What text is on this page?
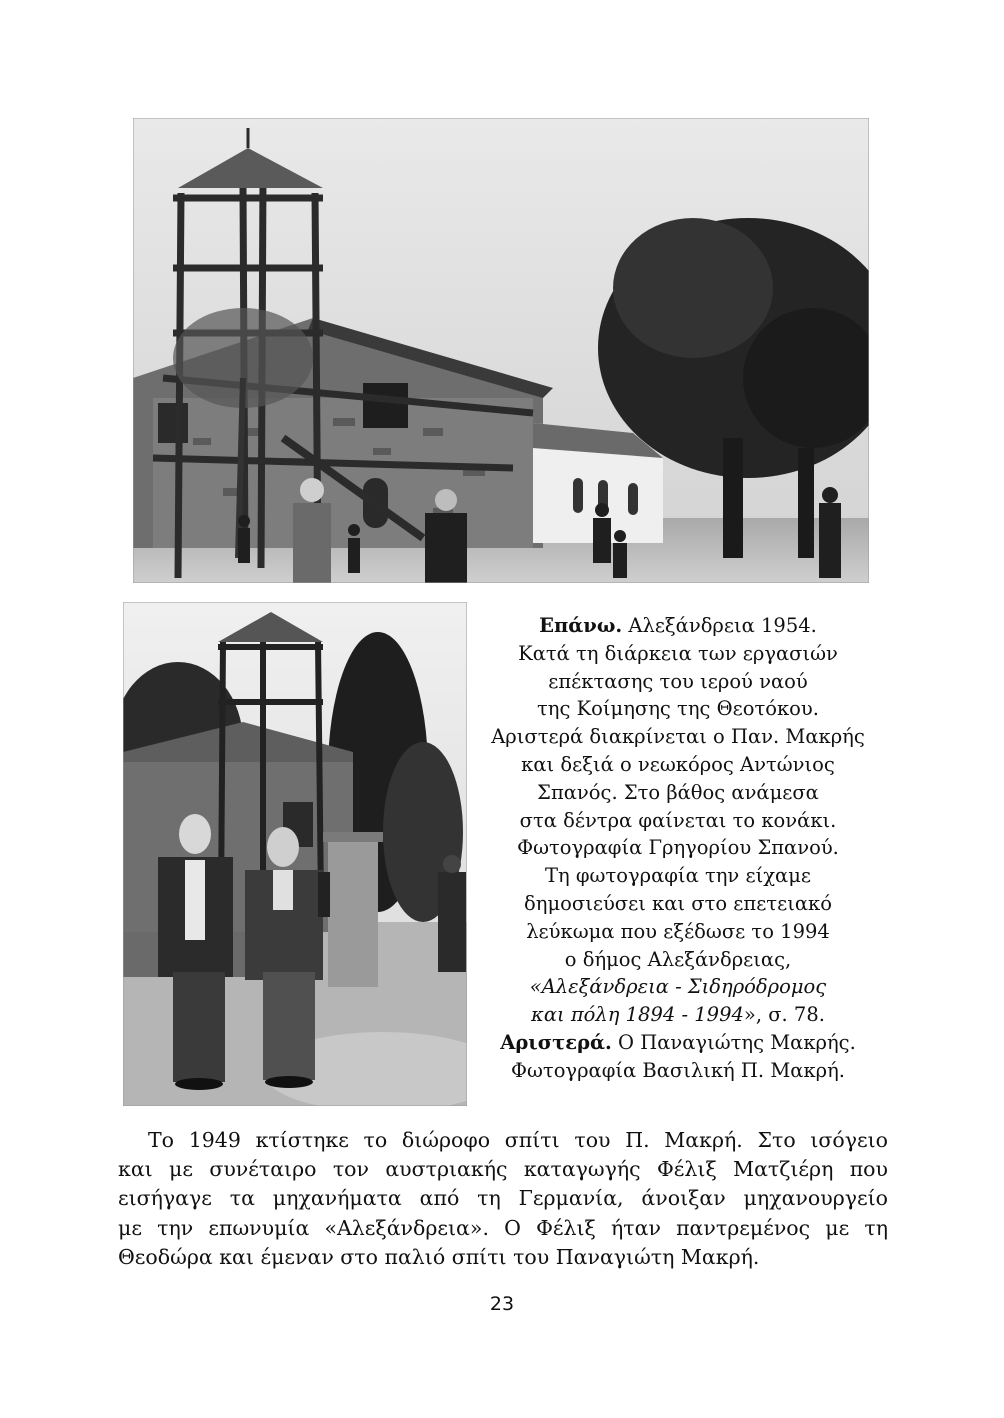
Επάνω. Αλεξάνδρεια 1954.
Κατά τη διάρκεια των εργασιών
επέκτασης του ιερού ναού
της Κοίμησης της Θεοτόκου.
Αριστερά διακρίνεται ο Παν. Μακρής
και δεξιά ο νεωκόρος Αντώνιος
Σπανός. Στο βάθος ανάμεσα
στα δέντρα φαίνεται το κονάκι.
Φωτογραφία Γρηγορίου Σπανού.
Τη φωτογραφία την είχαμε
δημοσιεύσει και στο επετειακό
λεύκωμα που εξέδωσε το 1994
ο δήμος Αλεξάνδρειας,
«Αλεξάνδρεια - Σιδηρόδρομος
και πόλη 1894 - 1994», σ. 78.
Αριστερά. Ο Παναγιώτης Μακρής.
Φωτογραφία Βασιλική Π. Μακρή.
Το 1949 κτίστηκε το διώροφο σπίτι του Π. Μακρή. Στο ισόγειο
και με συνέταιρο τον αυστριακής καταγωγής Φέλιξ Ματζιέρη που
εισήγαγε τα μηχανήματα από τη Γερμανία, άνοιξαν μηχανουργείο
με την επωνυμία «Αλεξάνδρεια». Ο Φέλιξ ήταν παντρεμένος με τη
Θεοδώρα και έμεναν στο παλιό σπίτι του Παναγιώτη Μακρή.
23
